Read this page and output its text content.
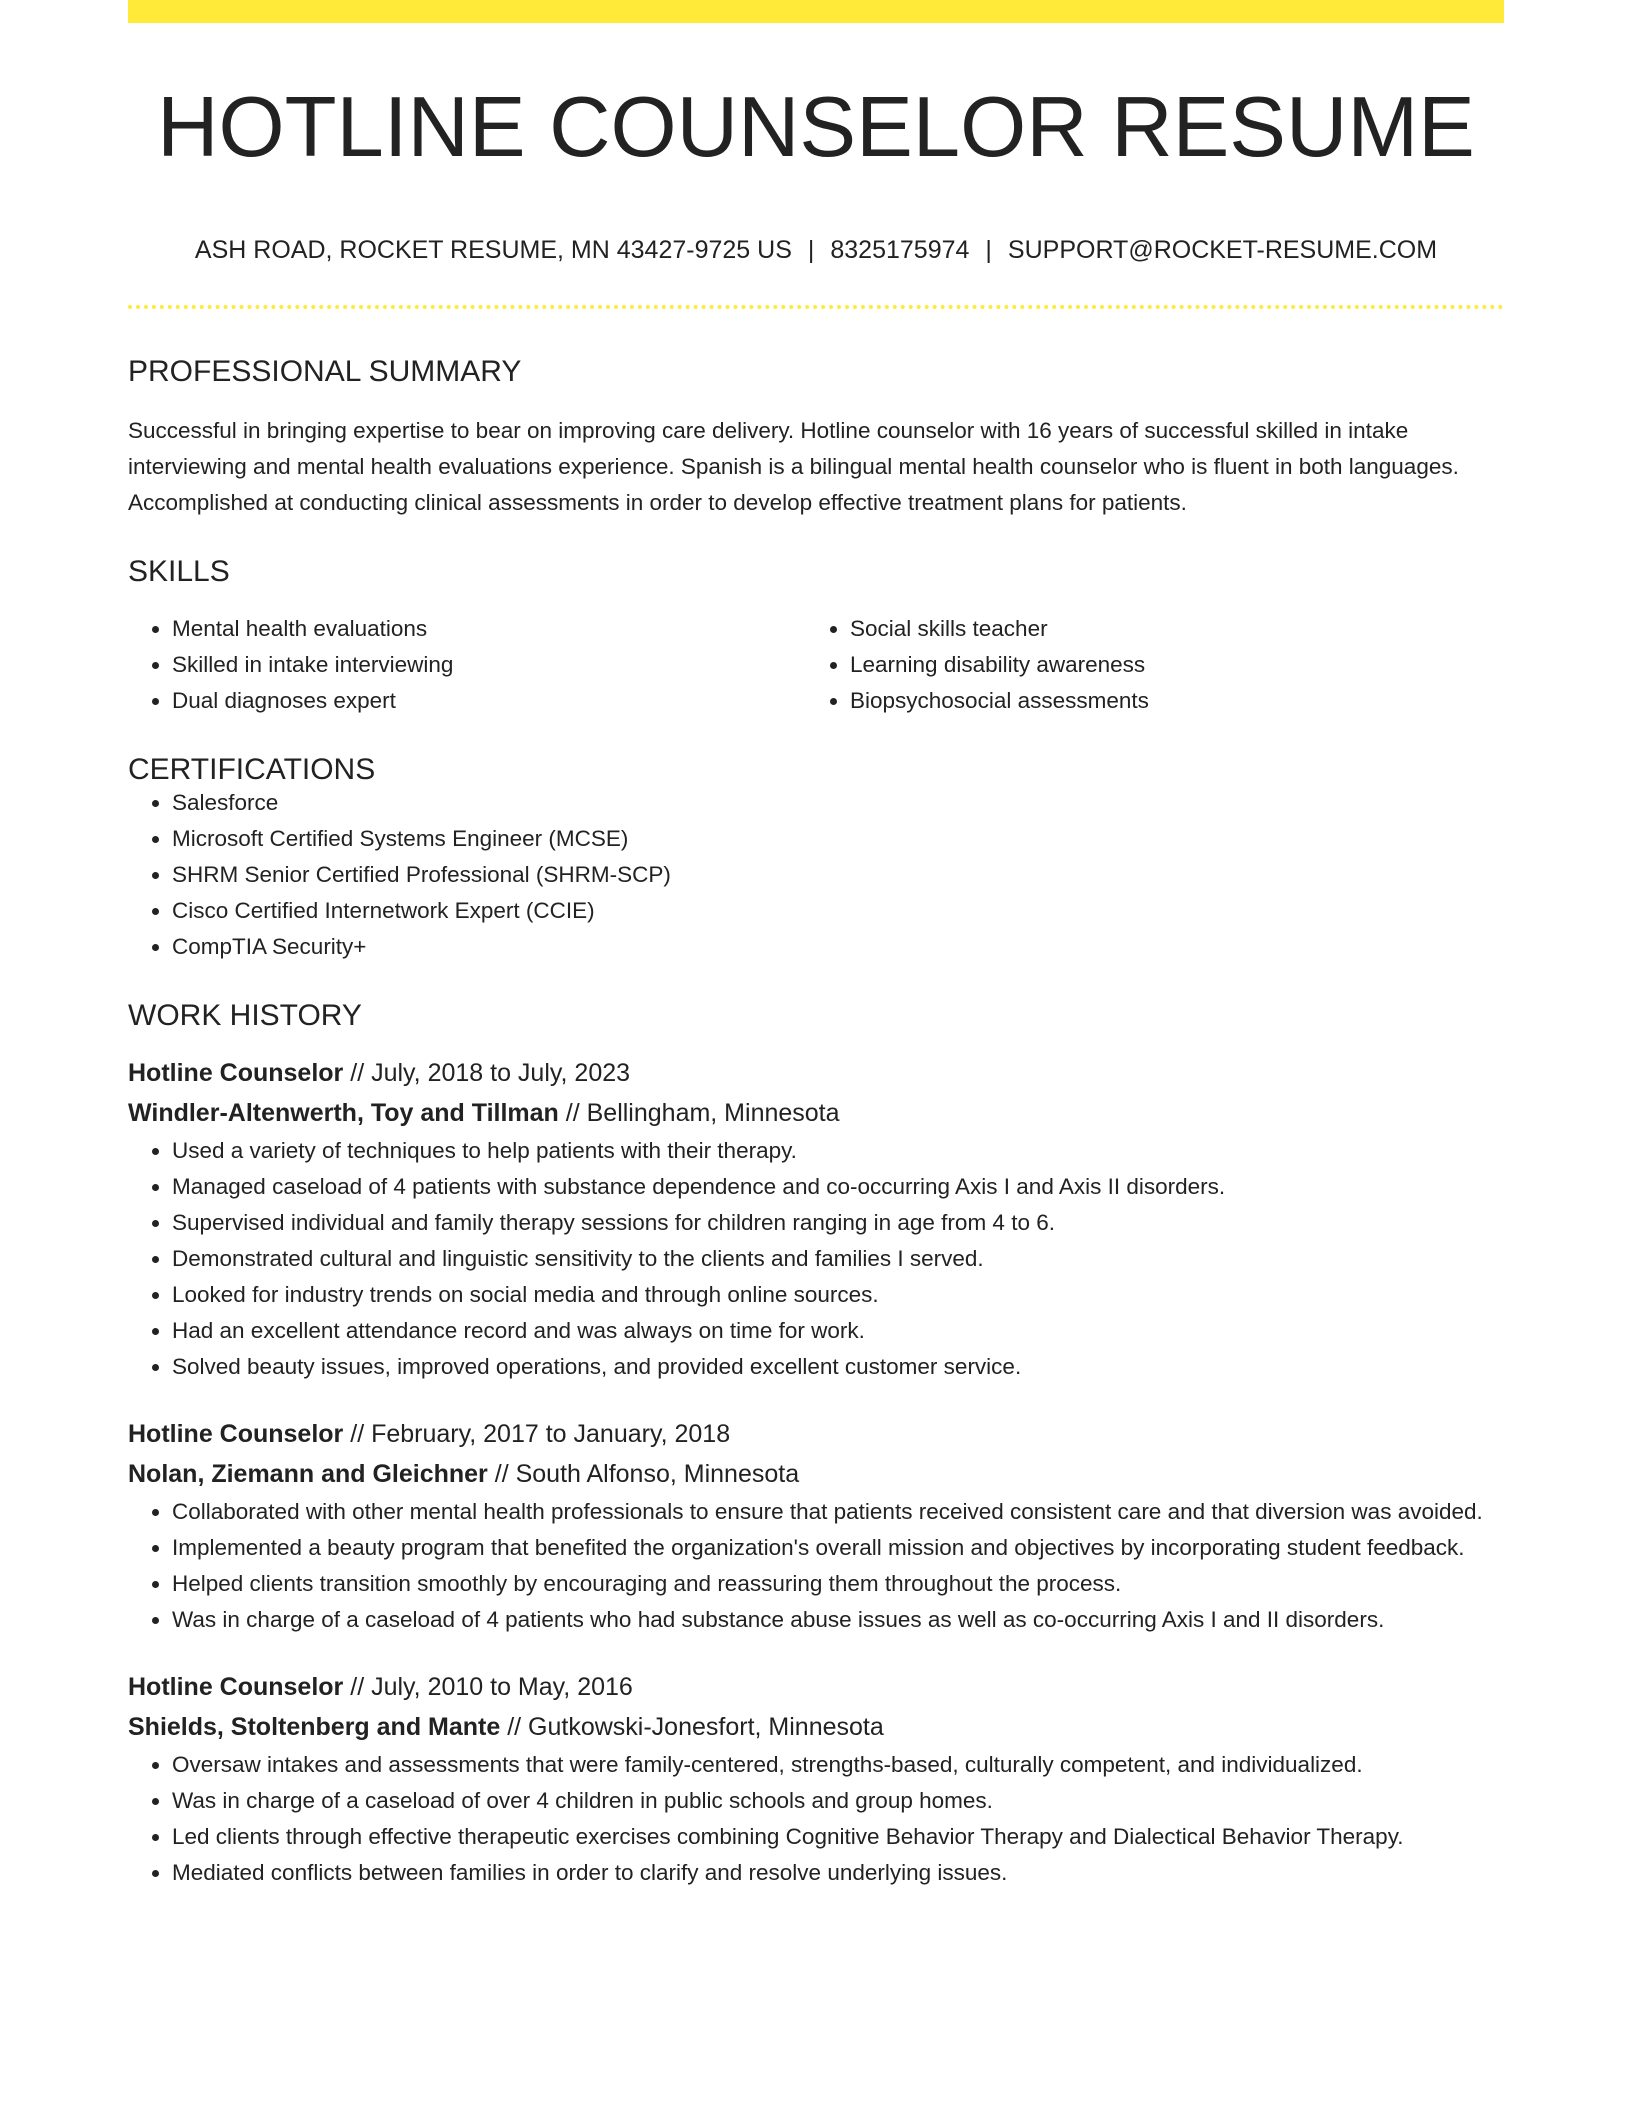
HOTLINE COUNSELOR RESUME
ASH ROAD, ROCKET RESUME, MN 43427-9725 US | 8325175974 | SUPPORT@ROCKET-RESUME.COM
PROFESSIONAL SUMMARY
Successful in bringing expertise to bear on improving care delivery. Hotline counselor with 16 years of successful skilled in intake interviewing and mental health evaluations experience. Spanish is a bilingual mental health counselor who is fluent in both languages. Accomplished at conducting clinical assessments in order to develop effective treatment plans for patients.
SKILLS
• Mental health evaluations
• Skilled in intake interviewing
• Dual diagnoses expert
• Social skills teacher
• Learning disability awareness
• Biopsychosocial assessments
CERTIFICATIONS
• Salesforce
• Microsoft Certified Systems Engineer (MCSE)
• SHRM Senior Certified Professional (SHRM-SCP)
• Cisco Certified Internetwork Expert (CCIE)
• CompTIA Security+
WORK HISTORY
Hotline Counselor // July, 2018 to July, 2023
Windler-Altenwerth, Toy and Tillman // Bellingham, Minnesota
• Used a variety of techniques to help patients with their therapy.
• Managed caseload of 4 patients with substance dependence and co-occurring Axis I and Axis II disorders.
• Supervised individual and family therapy sessions for children ranging in age from 4 to 6.
• Demonstrated cultural and linguistic sensitivity to the clients and families I served.
• Looked for industry trends on social media and through online sources.
• Had an excellent attendance record and was always on time for work.
• Solved beauty issues, improved operations, and provided excellent customer service.
Hotline Counselor // February, 2017 to January, 2018
Nolan, Ziemann and Gleichner // South Alfonso, Minnesota
• Collaborated with other mental health professionals to ensure that patients received consistent care and that diversion was avoided.
• Implemented a beauty program that benefited the organization's overall mission and objectives by incorporating student feedback.
• Helped clients transition smoothly by encouraging and reassuring them throughout the process.
• Was in charge of a caseload of 4 patients who had substance abuse issues as well as co-occurring Axis I and II disorders.
Hotline Counselor // July, 2010 to May, 2016
Shields, Stoltenberg and Mante // Gutkowski-Jonesfort, Minnesota
• Oversaw intakes and assessments that were family-centered, strengths-based, culturally competent, and individualized.
• Was in charge of a caseload of over 4 children in public schools and group homes.
• Led clients through effective therapeutic exercises combining Cognitive Behavior Therapy and Dialectical Behavior Therapy.
• Mediated conflicts between families in order to clarify and resolve underlying issues.
